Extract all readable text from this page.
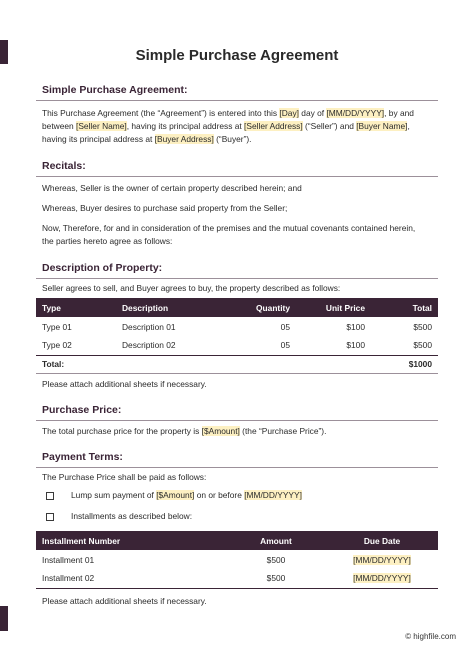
Simple Purchase Agreement
Simple Purchase Agreement:
This Purchase Agreement (the “Agreement”) is entered into this [Day] day of [MM/DD/YYYY], by and
between [Seller Name], having its principal address at [Seller Address] (“Seller”) and [Buyer Name],
having its principal address at [Buyer Address] (“Buyer”).
Recitals:
Whereas, Seller is the owner of certain property described herein; and
Whereas, Buyer desires to purchase said property from the Seller;
Now, Therefore, for and in consideration of the premises and the mutual covenants contained herein,
the parties hereto agree as follows:
Description of Property:
Seller agrees to sell, and Buyer agrees to buy, the property described as follows:
Type	Description	Quantity	Unit Price	Total
Type 01	Description 01	05	$100	$500
Type 02	Description 02	05	$100	$500
Total:				$1000
Please attach additional sheets if necessary.
Purchase Price:
The total purchase price for the property is [$Amount] (the “Purchase Price”).
Payment Terms:
The Purchase Price shall be paid as follows:
Lump sum payment of [$Amount] on or before [MM/DD/YYYY]
Installments as described below:
Installment Number	Amount	Due Date
Installment 01	$500	[MM/DD/YYYY]
Installment 02	$500	[MM/DD/YYYY]
Please attach additional sheets if necessary.
© highfile.com
